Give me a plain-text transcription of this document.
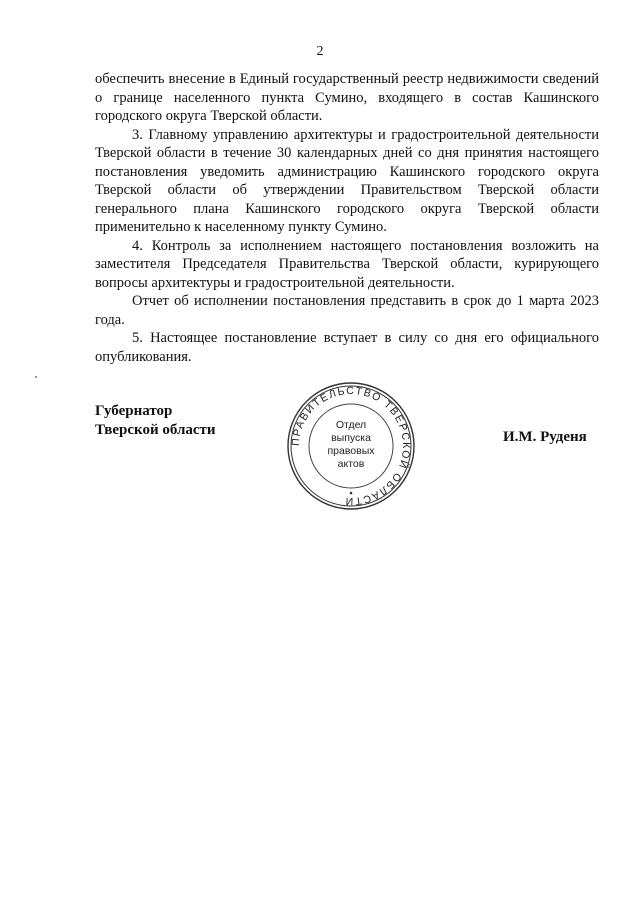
2

обеспечить внесение в Единый государственный реестр недвижимости сведений о границе населенного пункта Сумино, входящего в состав Кашинского городского округа Тверской области.

3. Главному управлению архитектуры и градостроительной деятельности Тверской области в течение 30 календарных дней со дня принятия настоящего постановления уведомить администрацию Кашинского городского округа Тверской области об утверждении Правительством Тверской области генерального плана Кашинского городского округа Тверской области применительно к населенному пункту Сумино.

4. Контроль за исполнением настоящего постановления возложить на заместителя Председателя Правительства Тверской области, курирующего вопросы архитектуры и градостроительной деятельности.

Отчет об исполнении постановления представить в срок до 1 марта 2023 года.

5. Настоящее постановление вступает в силу со дня его официального опубликования.

Губернатор
Тверской области
ПРАВИТЕЛЬСТВО ТВЕРСКОЙ ОБЛАСТИ
Отдел
выпуска
правовых
актов
И.М. Руденя
